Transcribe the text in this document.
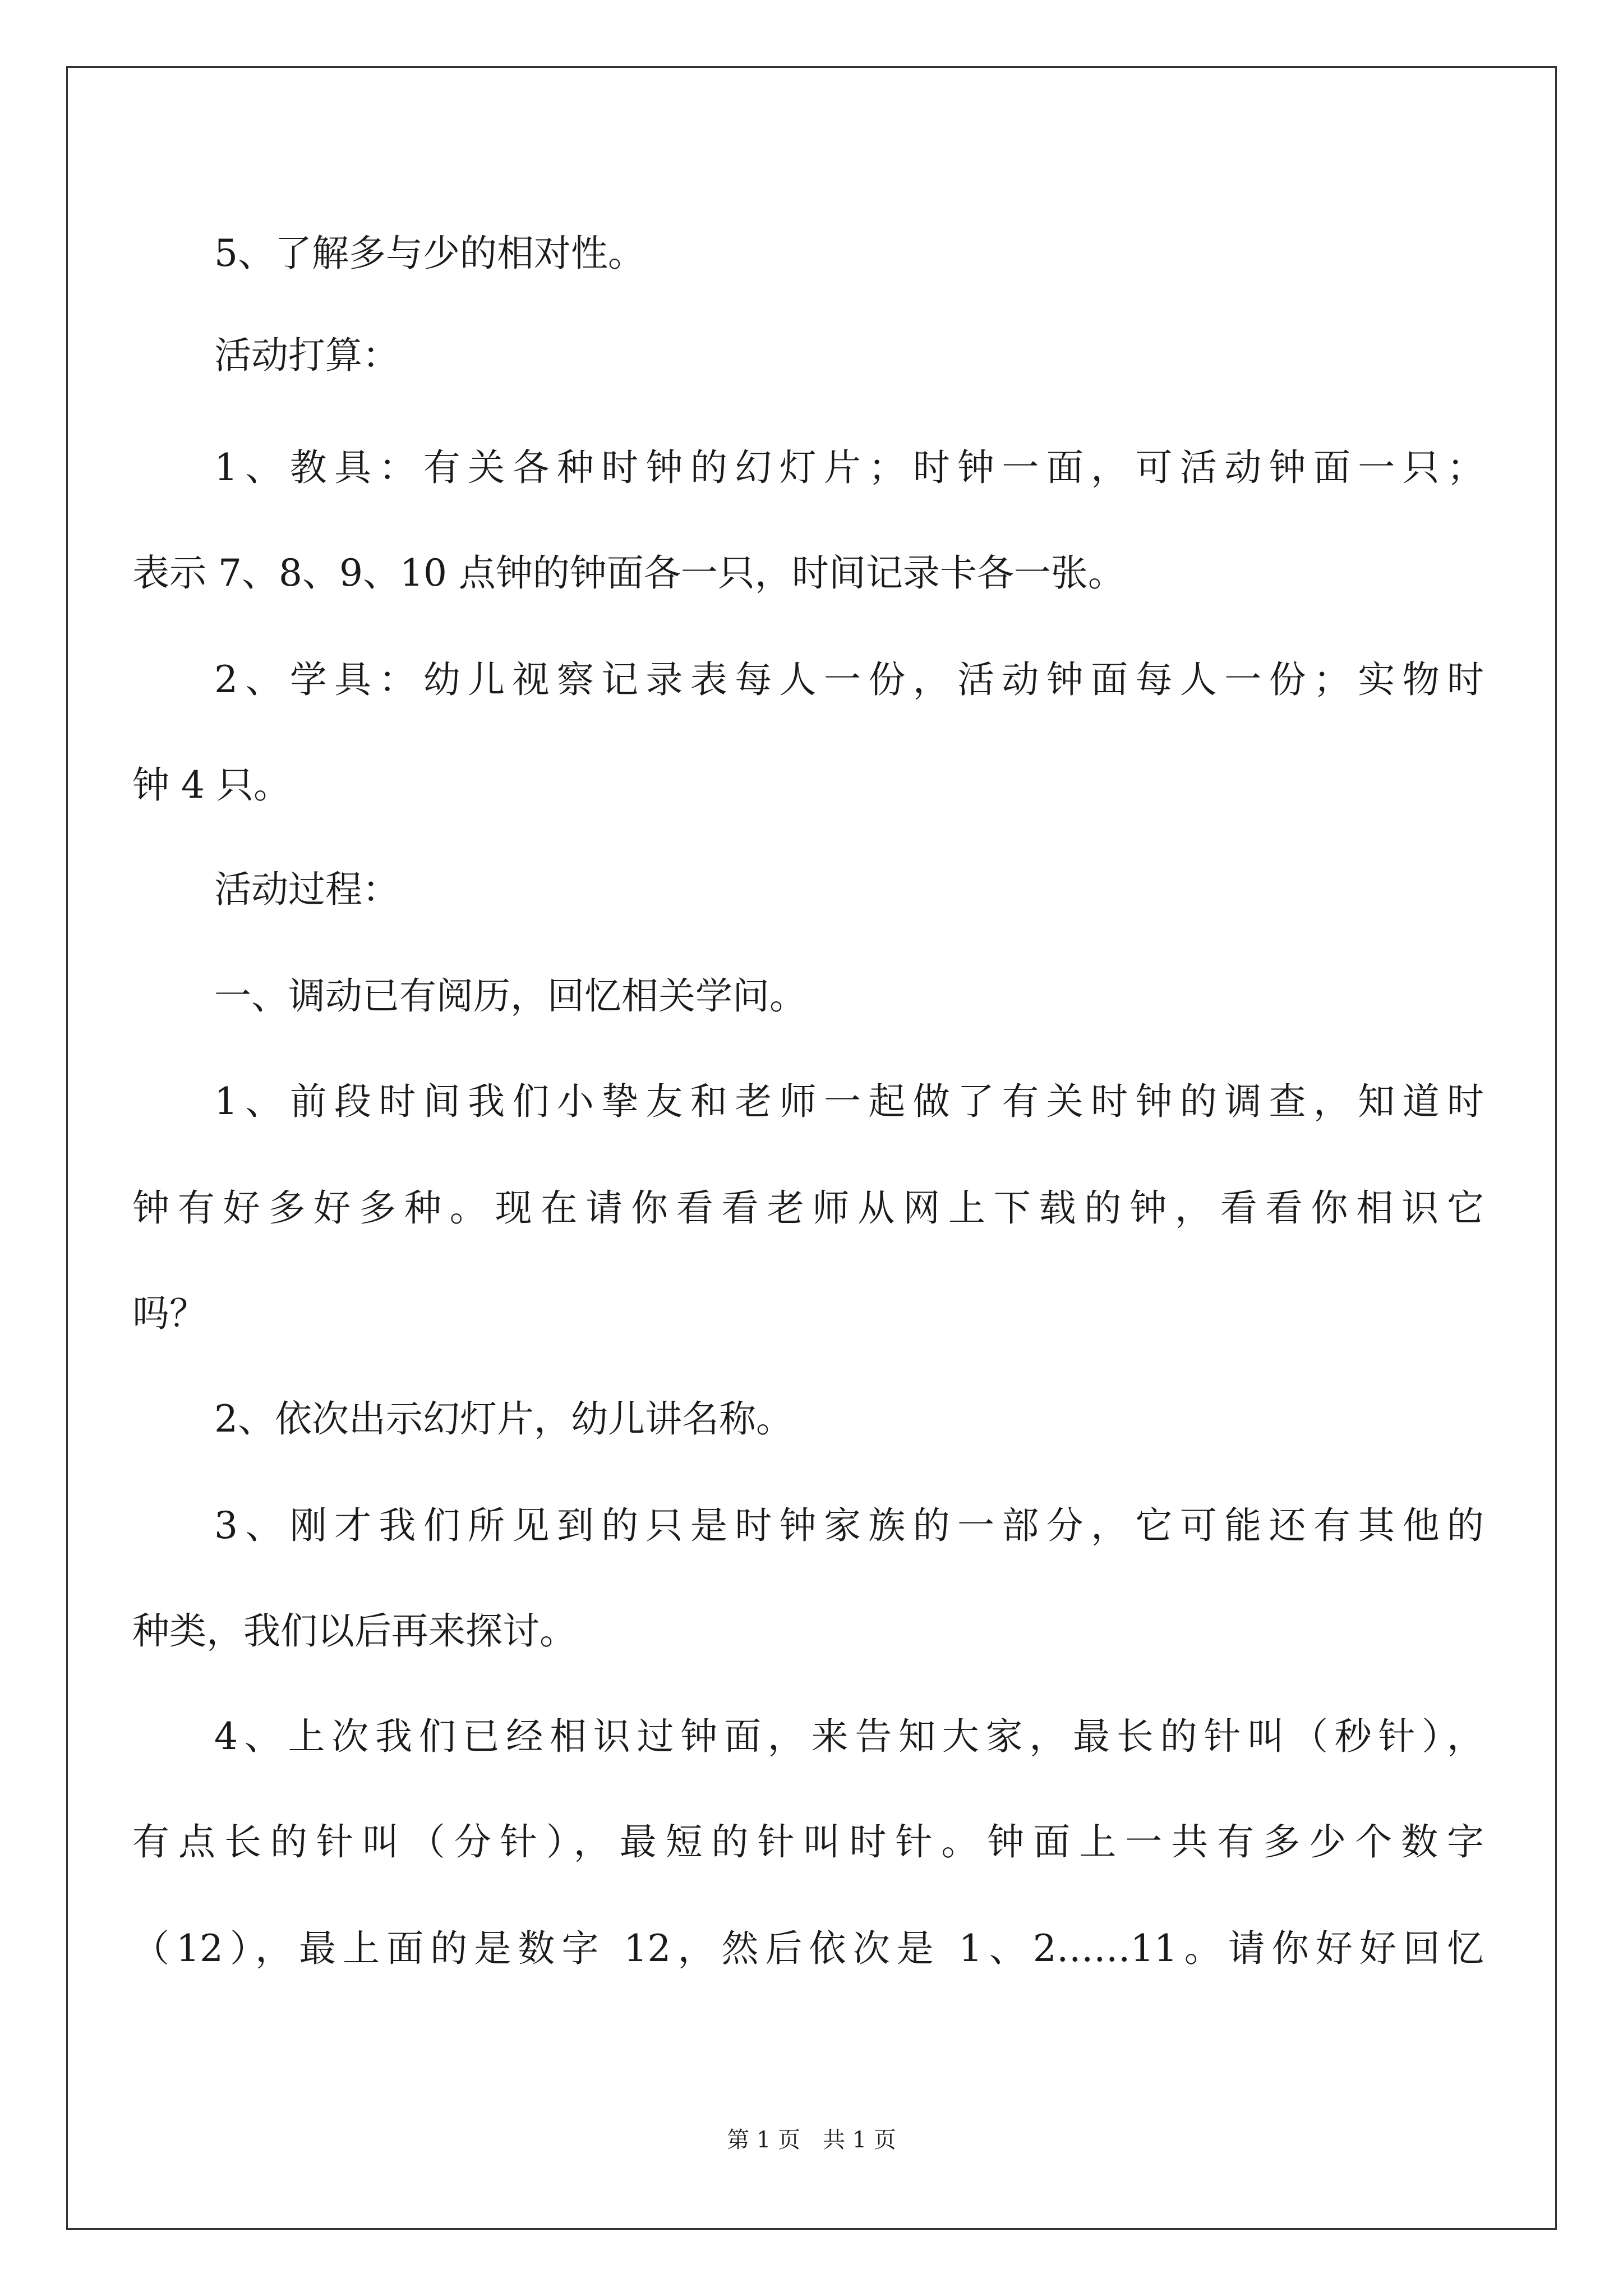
5、了解多与少的相对性。
活动打算：
1、教具：有关各种时钟的幻灯片；时钟一面，可活动钟面一只；
表示 7、8、9、10 点钟的钟面各一只，时间记录卡各一张。
2、学具：幼儿视察记录表每人一份，活动钟面每人一份；实物时
钟 4 只。
活动过程：
一、调动已有阅历，回忆相关学问。
1、前段时间我们小挚友和老师一起做了有关时钟的调查，知道时
钟有好多好多种。现在请你看看老师从网上下载的钟，看看你相识它
吗？
2、依次出示幻灯片，幼儿讲名称。
3、刚才我们所见到的只是时钟家族的一部分，它可能还有其他的
种类，我们以后再来探讨。
4、上次我们已经相识过钟面，来告知大家，最长的针叫（秒针），
有点长的针叫（分针），最短的针叫时针。钟面上一共有多少个数字
（12），最上面的是数字 12，然后依次是 1、2……11。请你好好回忆
第 1 页　共 1 页
